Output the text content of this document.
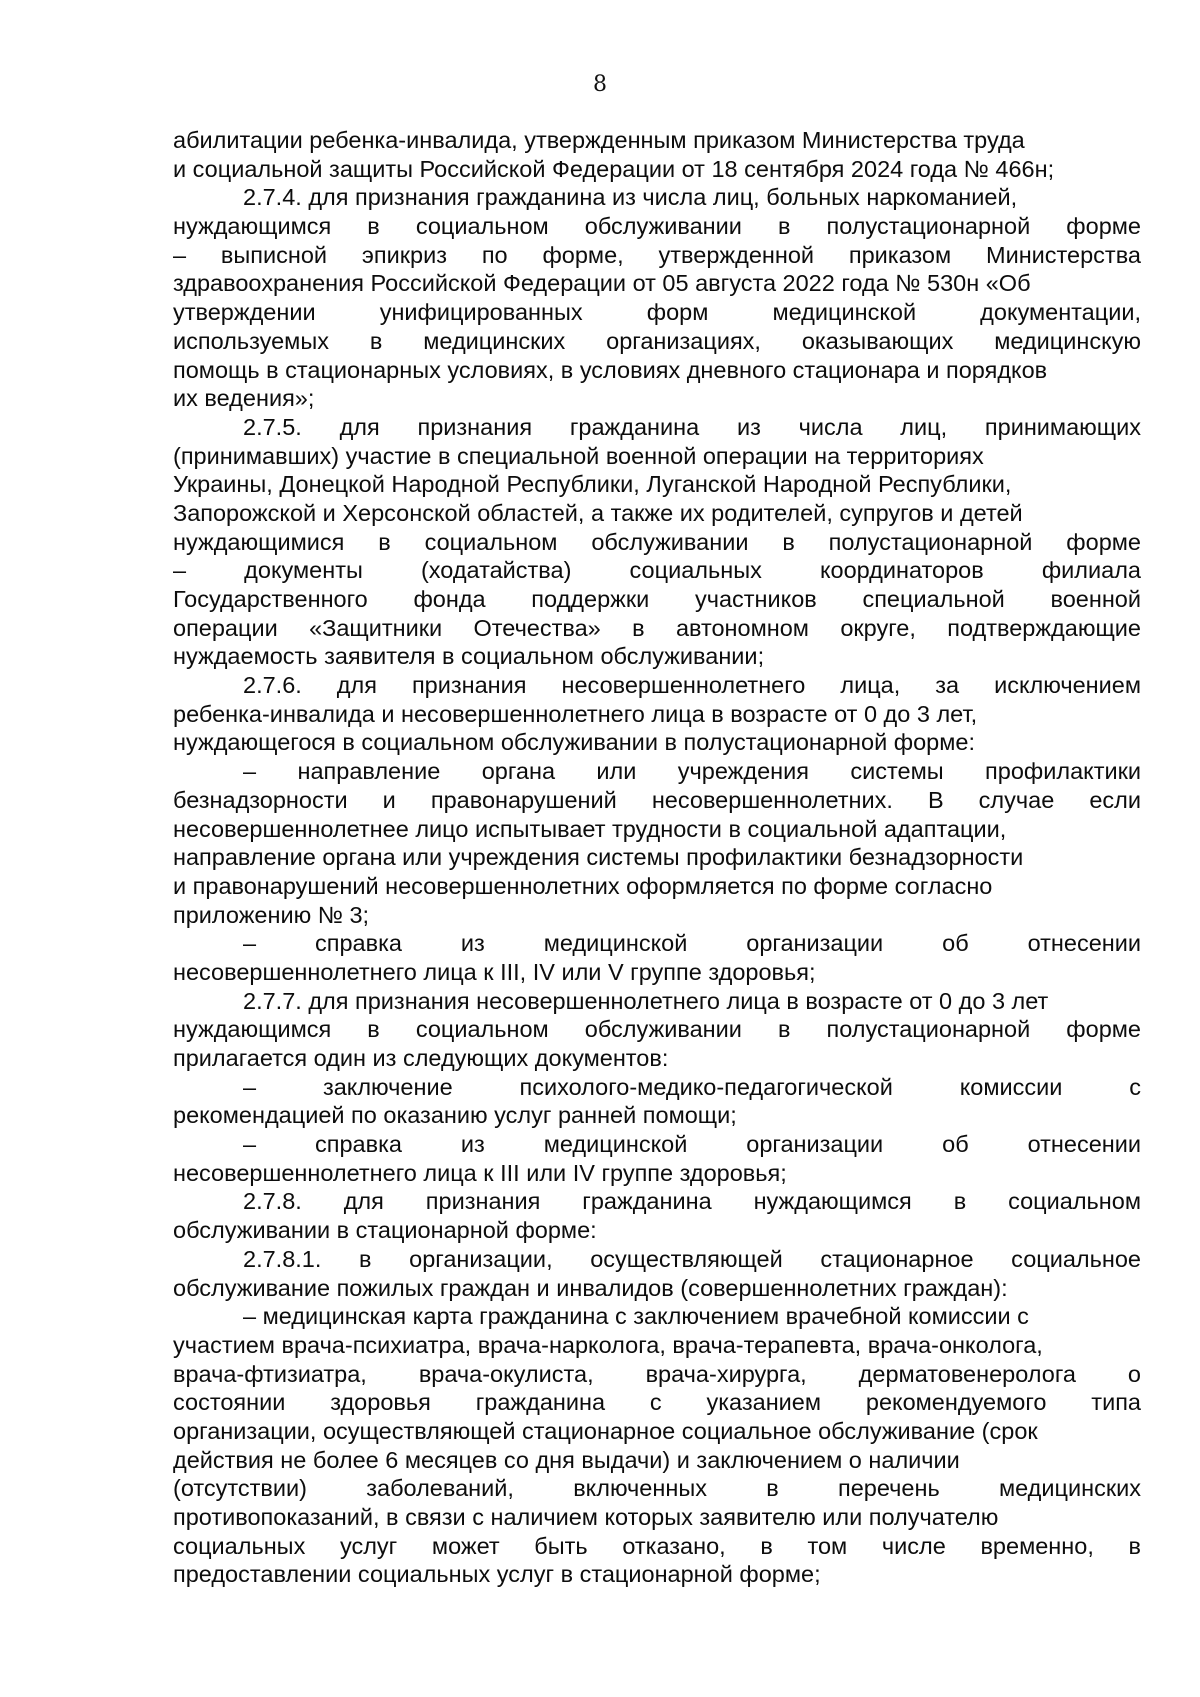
8
абилитации ребенка-инвалида, утвержденным приказом Министерства труда
и социальной защиты Российской Федерации от 18 сентября 2024 года № 466н;
2.7.4. для признания гражданина из числа лиц, больных наркоманией,
нуждающимся в социальном обслуживании в полустационарной форме
– выписной эпикриз по форме, утвержденной приказом Министерства
здравоохранения Российской Федерации от 05 августа 2022 года № 530н «Об
утверждении унифицированных форм медицинской документации,
используемых в медицинских организациях, оказывающих медицинскую
помощь в стационарных условиях, в условиях дневного стационара и порядков
их ведения»;
2.7.5. для признания гражданина из числа лиц, принимающих
(принимавших) участие в специальной военной операции на территориях
Украины, Донецкой Народной Республики, Луганской Народной Республики,
Запорожской и Херсонской областей, а также их родителей, супругов и детей
нуждающимися в социальном обслуживании в полустационарной форме
– документы (ходатайства) социальных координаторов филиала
Государственного фонда поддержки участников специальной военной
операции «Защитники Отечества» в автономном округе, подтверждающие
нуждаемость заявителя в социальном обслуживании;
2.7.6. для признания несовершеннолетнего лица, за исключением
ребенка-инвалида и несовершеннолетнего лица в возрасте от 0 до 3 лет,
нуждающегося в социальном обслуживании в полустационарной форме:
– направление органа или учреждения системы профилактики
безнадзорности и правонарушений несовершеннолетних. В случае если
несовершеннолетнее лицо испытывает трудности в социальной адаптации,
направление органа или учреждения системы профилактики безнадзорности
и правонарушений несовершеннолетних оформляется по форме согласно
приложению № 3;
– справка из медицинской организации об отнесении
несовершеннолетнего лица к III, IV или V группе здоровья;
2.7.7. для признания несовершеннолетнего лица в возрасте от 0 до 3 лет
нуждающимся в социальном обслуживании в полустационарной форме
прилагается один из следующих документов:
– заключение психолого-медико-педагогической комиссии с
рекомендацией по оказанию услуг ранней помощи;
– справка из медицинской организации об отнесении
несовершеннолетнего лица к III или IV группе здоровья;
2.7.8. для признания гражданина нуждающимся в социальном
обслуживании в стационарной форме:
2.7.8.1. в организации, осуществляющей стационарное социальное
обслуживание пожилых граждан и инвалидов (совершеннолетних граждан):
– медицинская карта гражданина с заключением врачебной комиссии с
участием врача-психиатра, врача-нарколога, врача-терапевта, врача-онколога,
врача-фтизиатра, врача-окулиста, врача-хирурга, дерматовенеролога о
состоянии здоровья гражданина с указанием рекомендуемого типа
организации, осуществляющей стационарное социальное обслуживание (срок
действия не более 6 месяцев со дня выдачи) и заключением о наличии
(отсутствии) заболеваний, включенных в перечень медицинских
противопоказаний, в связи с наличием которых заявителю или получателю
социальных услуг может быть отказано, в том числе временно, в
предоставлении социальных услуг в стационарной форме;
